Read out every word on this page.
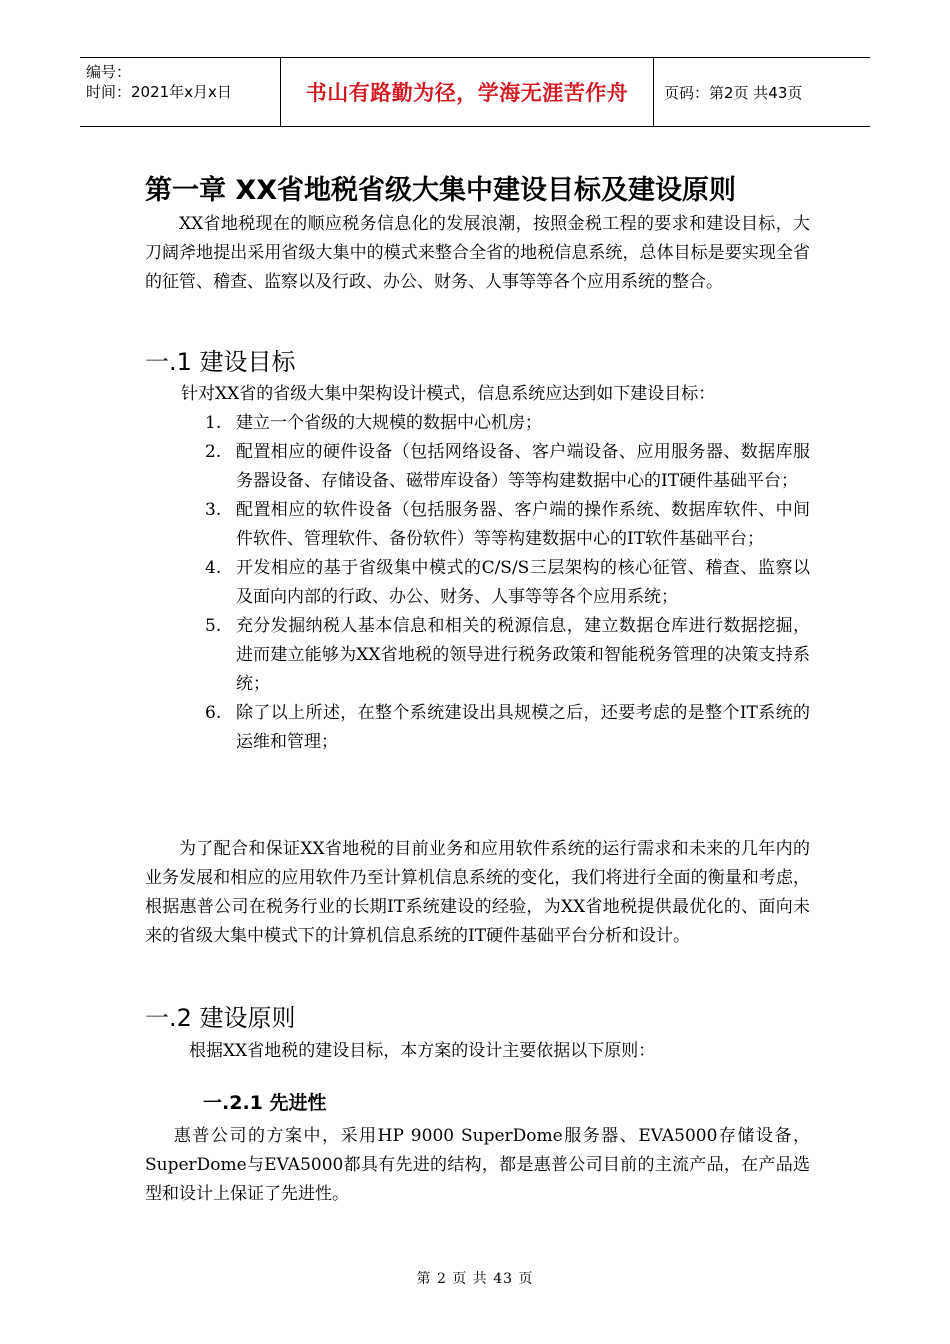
编号：
时间：2021年x月x日	书山有路勤为径，学海无涯苦作舟	页码：第2页 共43页
第一章 XX省地税省级大集中建设目标及建设原则

XX省地税现在的顺应税务信息化的发展浪潮，按照金税工程的要求和建设目标，大刀阔斧地提出采用省级大集中的模式来整合全省的地税信息系统，总体目标是要实现全省的征管、稽查、监察以及行政、办公、财务、人事等等各个应用系统的整合。

一.1 建设目标
针对XX省的省级大集中架构设计模式，信息系统应达到如下建设目标：
1. 建立一个省级的大规模的数据中心机房；
2. 配置相应的硬件设备（包括网络设备、客户端设备、应用服务器、数据库服务器设备、存储设备、磁带库设备）等等构建数据中心的IT硬件基础平台；
3. 配置相应的软件设备（包括服务器、客户端的操作系统、数据库软件、中间件软件、管理软件、备份软件）等等构建数据中心的IT软件基础平台；
4. 开发相应的基于省级集中模式的C/S/S三层架构的核心征管、稽查、监察以及面向内部的行政、办公、财务、人事等等各个应用系统；
5. 充分发掘纳税人基本信息和相关的税源信息，建立数据仓库进行数据挖掘，进而建立能够为XX省地税的领导进行税务政策和智能税务管理的决策支持系统；
6. 除了以上所述，在整个系统建设出具规模之后，还要考虑的是整个IT系统的运维和管理；

为了配合和保证XX省地税的目前业务和应用软件系统的运行需求和未来的几年内的业务发展和相应的应用软件乃至计算机信息系统的变化，我们将进行全面的衡量和考虑，根据惠普公司在税务行业的长期IT系统建设的经验，为XX省地税提供最优化的、面向未来的省级大集中模式下的计算机信息系统的IT硬件基础平台分析和设计。

一.2 建设原则
根据XX省地税的建设目标，本方案的设计主要依据以下原则：
一.2.1 先进性

惠普公司的方案中，采用HP 9000 SuperDome服务器、EVA5000存储设备，SuperDome与EVA5000都具有先进的结构，都是惠普公司目前的主流产品，在产品选型和设计上保证了先进性。

第 2 页 共 43 页
